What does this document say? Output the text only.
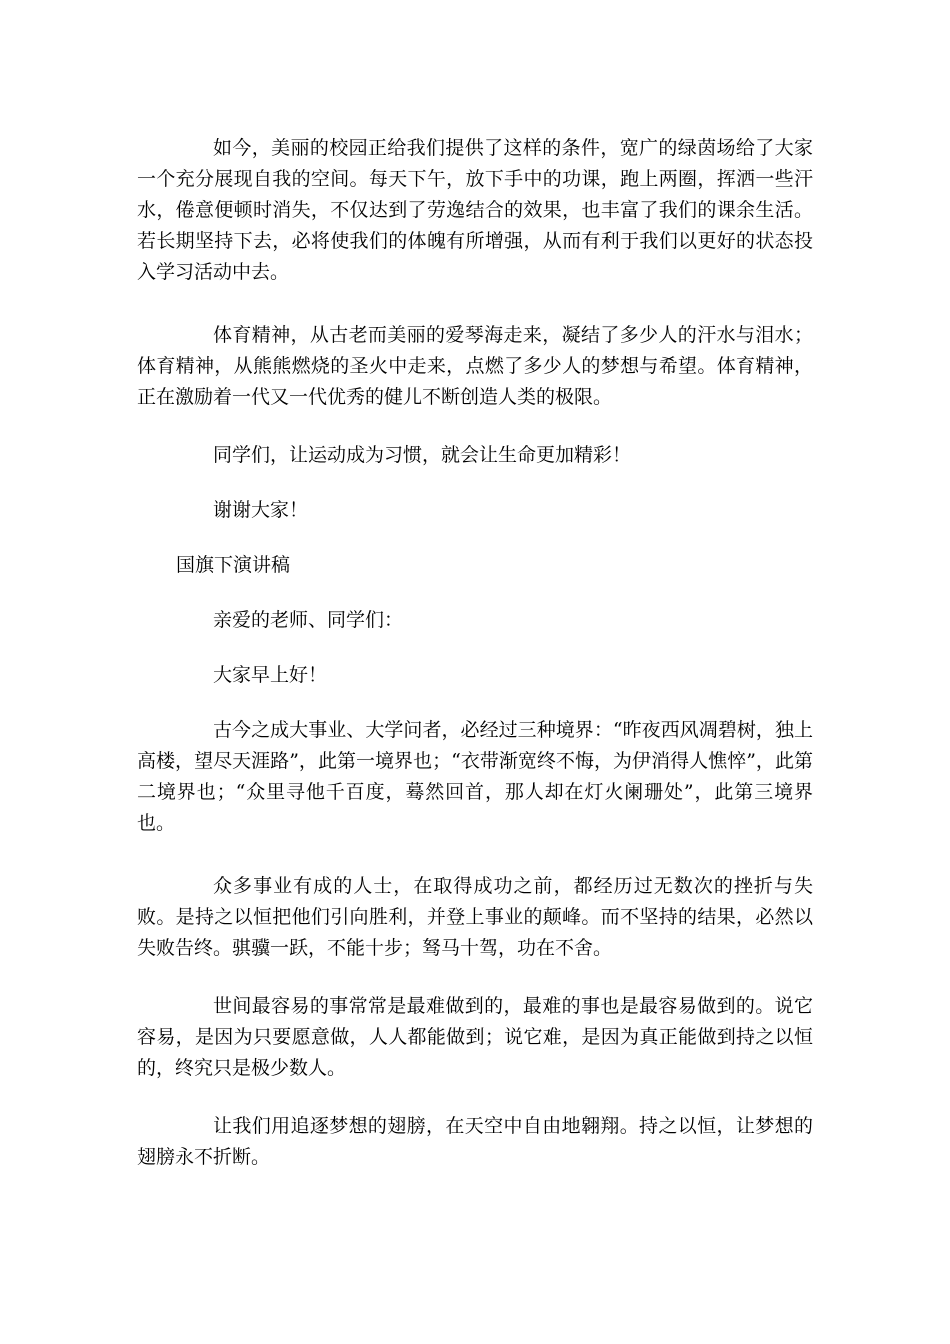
如今，美丽的校园正给我们提供了这样的条件，宽广的绿茵场给了大家一个充分展现自我的空间。每天下午，放下手中的功课，跑上两圈，挥洒一些汗水，倦意便顿时消失，不仅达到了劳逸结合的效果，也丰富了我们的课余生活。若长期坚持下去，必将使我们的体魄有所增强，从而有利于我们以更好的状态投入学习活动中去。

体育精神，从古老而美丽的爱琴海走来，凝结了多少人的汗水与泪水；体育精神，从熊熊燃烧的圣火中走来，点燃了多少人的梦想与希望。体育精神，正在激励着一代又一代优秀的健儿不断创造人类的极限。

同学们，让运动成为习惯，就会让生命更加精彩！

谢谢大家！

国旗下演讲稿

亲爱的老师、同学们：

大家早上好！

古今之成大事业、大学问者，必经过三种境界：“昨夜西风凋碧树，独上高楼，望尽天涯路”，此第一境界也；“衣带渐宽终不悔，为伊消得人憔悴”，此第二境界也；“众里寻他千百度，蓦然回首，那人却在灯火阑珊处”，此第三境界也。

众多事业有成的人士，在取得成功之前，都经历过无数次的挫折与失败。是持之以恒把他们引向胜利，并登上事业的颠峰。而不坚持的结果，必然以失败告终。骐骥一跃，不能十步；驽马十驾，功在不舍。

世间最容易的事常常是最难做到的，最难的事也是最容易做到的。说它容易，是因为只要愿意做，人人都能做到；说它难，是因为真正能做到持之以恒的，终究只是极少数人。

让我们用追逐梦想的翅膀，在天空中自由地翱翔。持之以恒，让梦想的翅膀永不折断。
